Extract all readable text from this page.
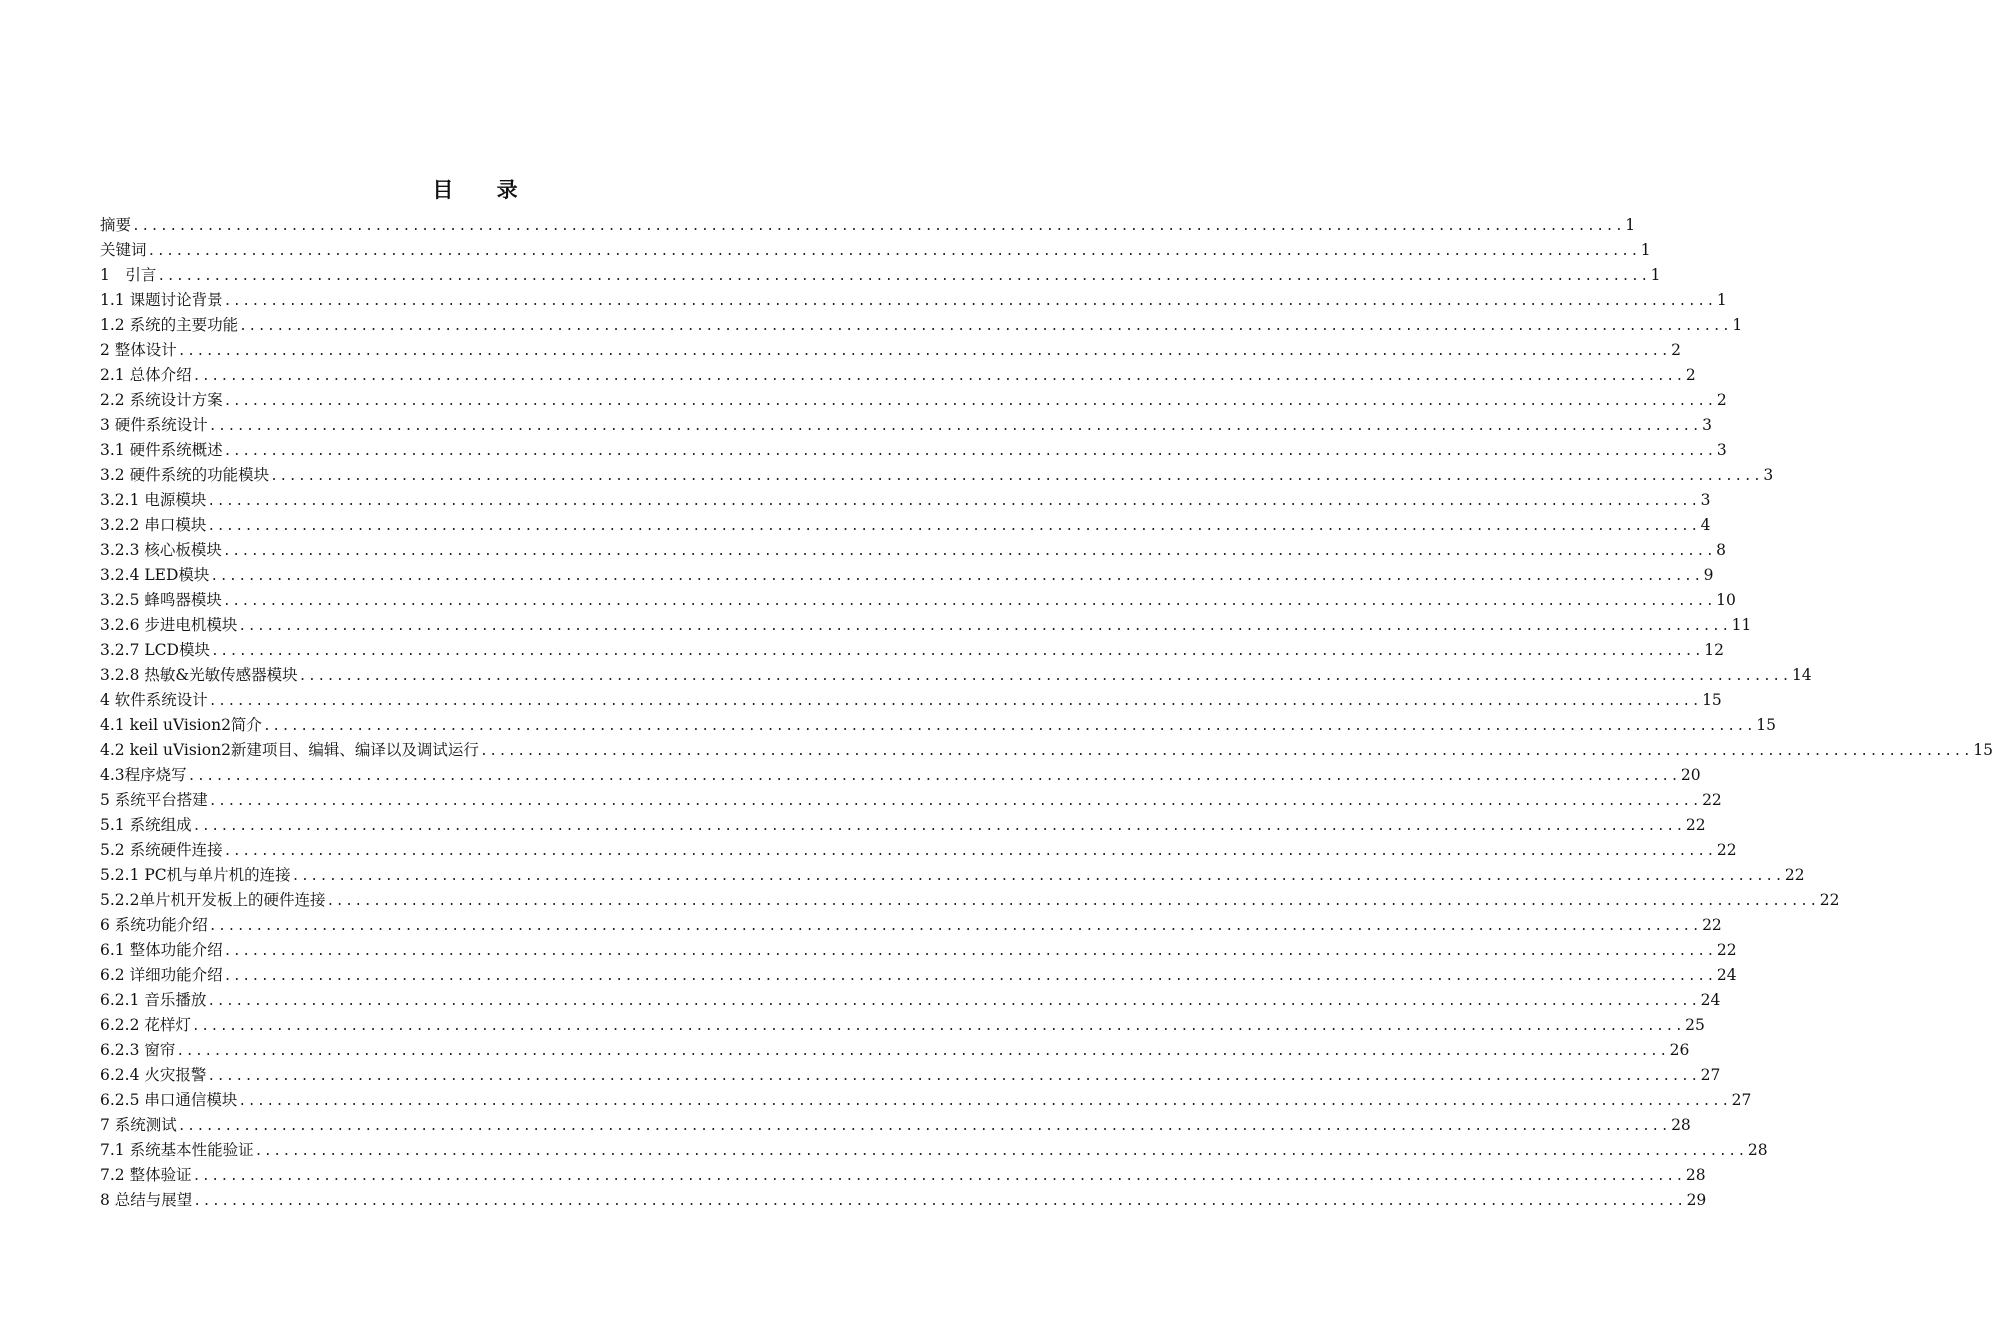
目 录
摘要 ................................................................................................................................................................ 1
关键词 ................................................................................................................................................................ 1
1　引言 ................................................................................................................................................................ 1
1.1 课题讨论背景 ................................................................................................................................................................ 1
1.2 系统的主要功能 ................................................................................................................................................................ 1
2 整体设计 ................................................................................................................................................................ 2
2.1 总体介绍 ................................................................................................................................................................ 2
2.2 系统设计方案 ................................................................................................................................................................ 2
3 硬件系统设计 ................................................................................................................................................................ 3
3.1 硬件系统概述 ................................................................................................................................................................ 3
3.2 硬件系统的功能模块 ................................................................................................................................................................ 3
3.2.1 电源模块 ................................................................................................................................................................ 3
3.2.2 串口模块 ................................................................................................................................................................ 4
3.2.3 核心板模块 ................................................................................................................................................................ 8
3.2.4 LED模块 ................................................................................................................................................................ 9
3.2.5 蜂鸣器模块 ................................................................................................................................................................ 10
3.2.6 步进电机模块 ................................................................................................................................................................ 11
3.2.7 LCD模块 ................................................................................................................................................................ 12
3.2.8 热敏&光敏传感器模块 ................................................................................................................................................................ 14
4 软件系统设计 ................................................................................................................................................................ 15
4.1 keil uVision2简介 ................................................................................................................................................................ 15
4.2 keil uVision2新建项目、编辑、编译以及调试运行 ................................................................................................................................................................ 15
4.3程序烧写 ................................................................................................................................................................ 20
5 系统平台搭建 ................................................................................................................................................................ 22
5.1 系统组成 ................................................................................................................................................................ 22
5.2 系统硬件连接 ................................................................................................................................................................ 22
5.2.1 PC机与单片机的连接 ................................................................................................................................................................ 22
5.2.2单片机开发板上的硬件连接 ................................................................................................................................................................ 22
6 系统功能介绍 ................................................................................................................................................................ 22
6.1 整体功能介绍 ................................................................................................................................................................ 22
6.2 详细功能介绍 ................................................................................................................................................................ 24
6.2.1 音乐播放 ................................................................................................................................................................ 24
6.2.2 花样灯 ................................................................................................................................................................ 25
6.2.3 窗帘 ................................................................................................................................................................ 26
6.2.4 火灾报警 ................................................................................................................................................................ 27
6.2.5 串口通信模块 ................................................................................................................................................................ 27
7 系统测试 ................................................................................................................................................................ 28
7.1 系统基本性能验证 ................................................................................................................................................................ 28
7.2 整体验证 ................................................................................................................................................................ 28
8 总结与展望 ................................................................................................................................................................ 29
